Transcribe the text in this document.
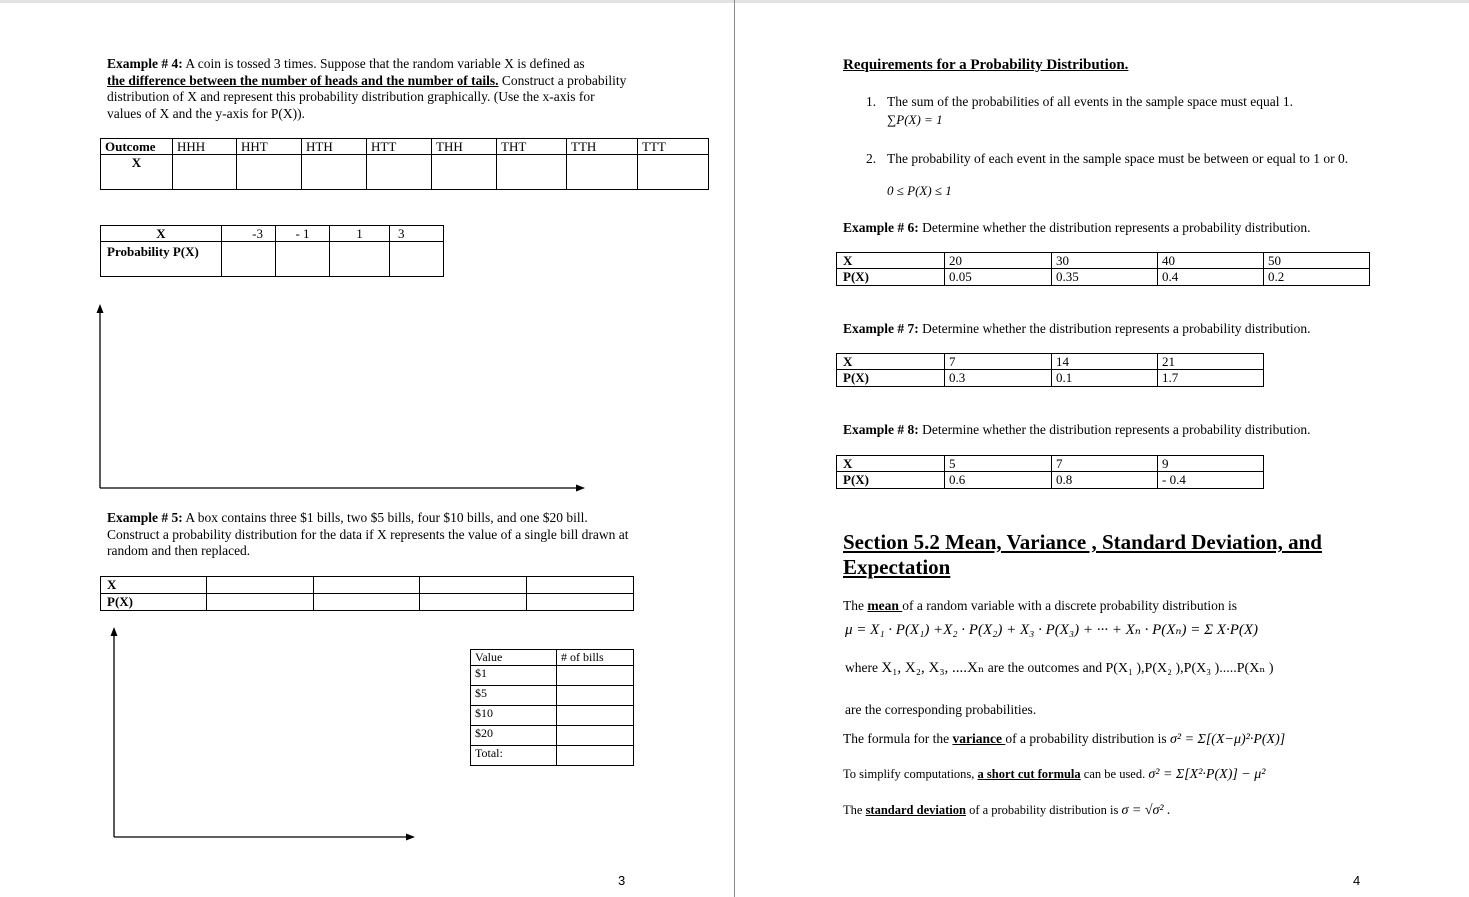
Example # 4: A coin is tossed 3 times. Suppose that the random variable X is defined as
the difference between the number of heads and the number of tails. Construct a probability distribution of X and represent this probability distribution graphically. (Use the x-axis for values of X and the y-axis for P(X)).
Outcome	HHH	HHT	HTH	HTT	THH	THT	TTH	TTT
X								
X	-3	- 1	1	3
Probability P(X)				
Example # 5: A box contains three $1 bills, two $5 bills, four $10 bills, and one $20 bill. Construct a probability distribution for the data if X represents the value of a single bill drawn at random and then replaced.
X				
P(X)				
Value	# of bills
$1	
$5	
$10	
$20	
Total:	
3
Requirements for a Probability Distribution.
1. The sum of the probabilities of all events in the sample space must equal 1.
∑P(X) = 1
2. The probability of each event in the sample space must be between or equal to 1 or 0.
0 ≤ P(X) ≤ 1
Example # 6: Determine whether the distribution represents a probability distribution.
X	20	30	40	50
P(X)	0.05	0.35	0.4	0.2
Example # 7: Determine whether the distribution represents a probability distribution.
X	7	14	21
P(X)	0.3	0.1	1.7
Example # 8: Determine whether the distribution represents a probability distribution.
X	5	7	9
P(X)	0.6	0.8	- 0.4
Section 5.2 Mean, Variance , Standard Deviation, and Expectation
The mean of a random variable with a discrete probability distribution is
μ = X₁ · P(X₁) +X₂ · P(X₂) + X₃ · P(X₃) + ··· + Xₙ · P(Xₙ) = Σ X·P(X)
where X₁, X₂, X₃, ....Xₙ are the outcomes and P(X₁ ),P(X₂ ),P(X₃ ).....P(Xₙ )
are the corresponding probabilities.
The formula for the variance of a probability distribution is σ² = Σ[(X−μ)²·P(X)]
To simplify computations, a short cut formula can be used. σ² = Σ[X²·P(X)] − μ²
The standard deviation of a probability distribution is σ = √σ² .
4
